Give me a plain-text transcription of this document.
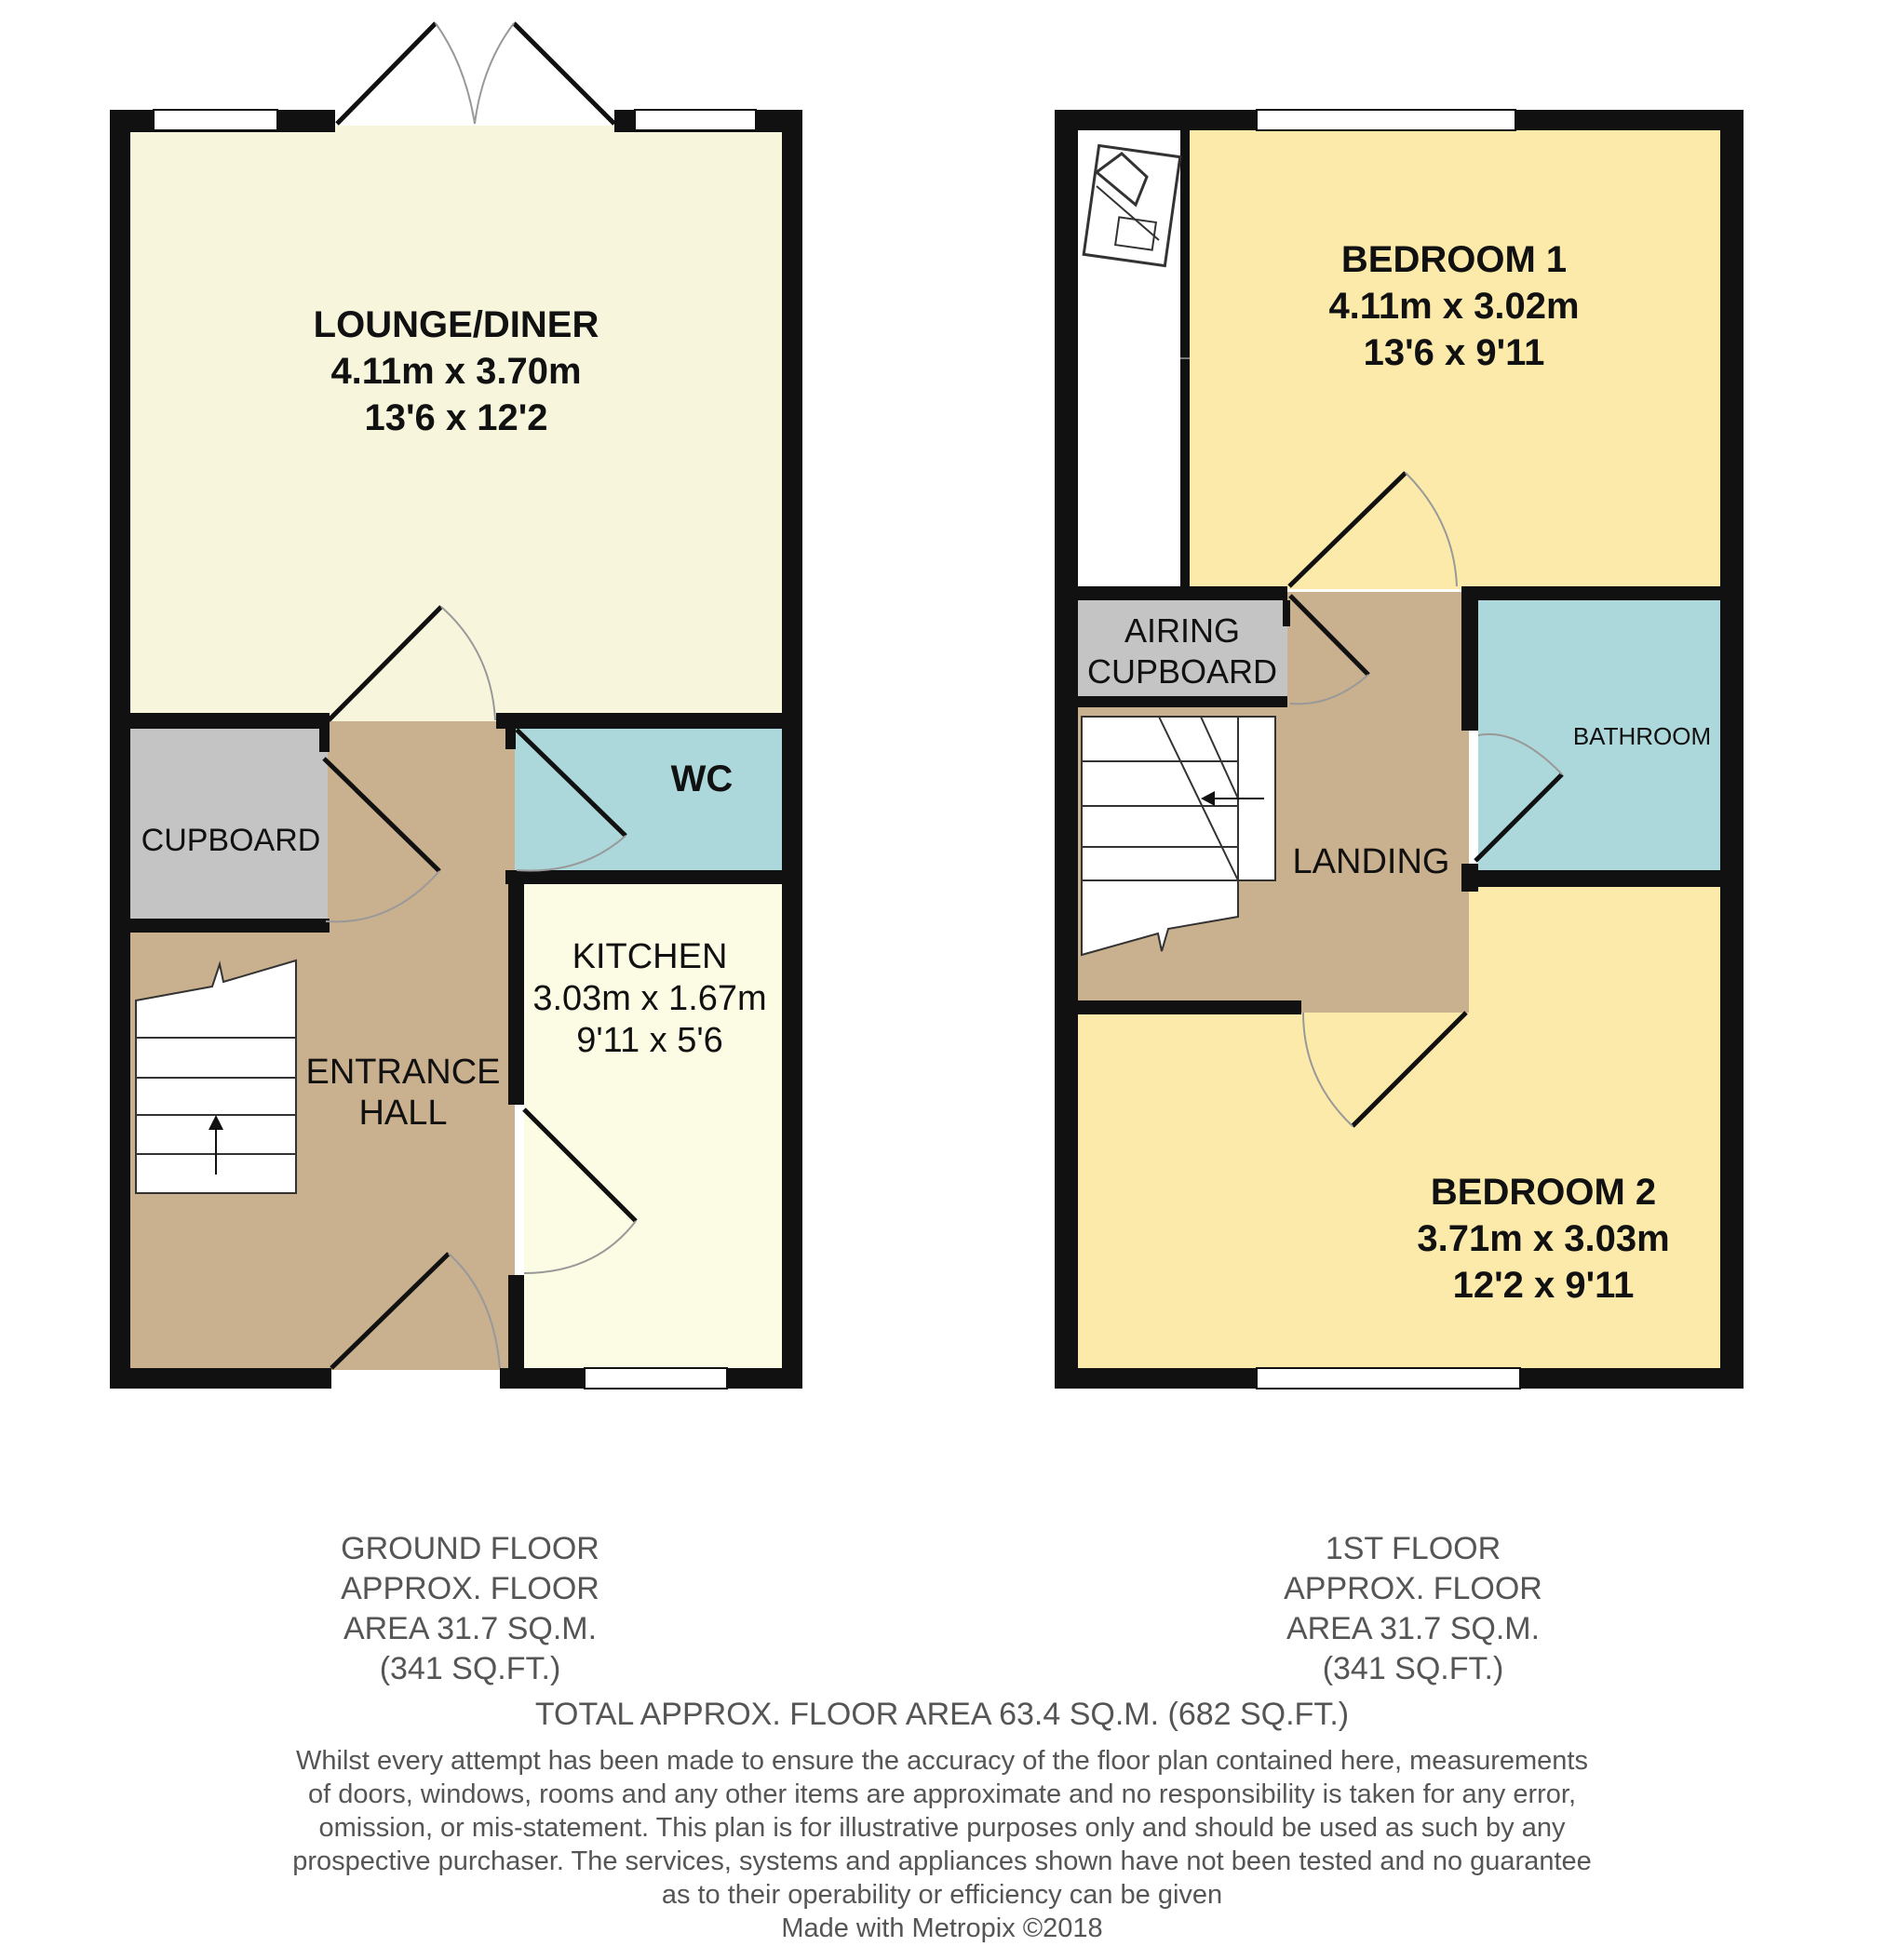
LOUNGE/DINER
4.11m x 3.70m
13'6 x 12'2
CUPBOARD
WC
KITCHEN
3.03m x 1.67m
9'11 x 5'6
ENTRANCE
HALL
BEDROOM 1
4.11m x 3.02m
13'6 x 9'11
AIRING
CUPBOARD
BATHROOM
LANDING
BEDROOM 2
3.71m x 3.03m
12'2 x 9'11
GROUND FLOOR
APPROX. FLOOR
AREA 31.7 SQ.M.
(341 SQ.FT.)
1ST FLOOR
APPROX. FLOOR
AREA 31.7 SQ.M.
(341 SQ.FT.)
TOTAL APPROX. FLOOR AREA 63.4 SQ.M. (682 SQ.FT.)
Whilst every attempt has been made to ensure the accuracy of the floor plan contained here, measurements
of doors, windows, rooms and any other items are approximate and no responsibility is taken for any error,
omission, or mis-statement. This plan is for illustrative purposes only and should be used as such by any
prospective purchaser. The services, systems and appliances shown have not been tested and no guarantee
as to their operability or efficiency can be given
Made with Metropix ©2018
